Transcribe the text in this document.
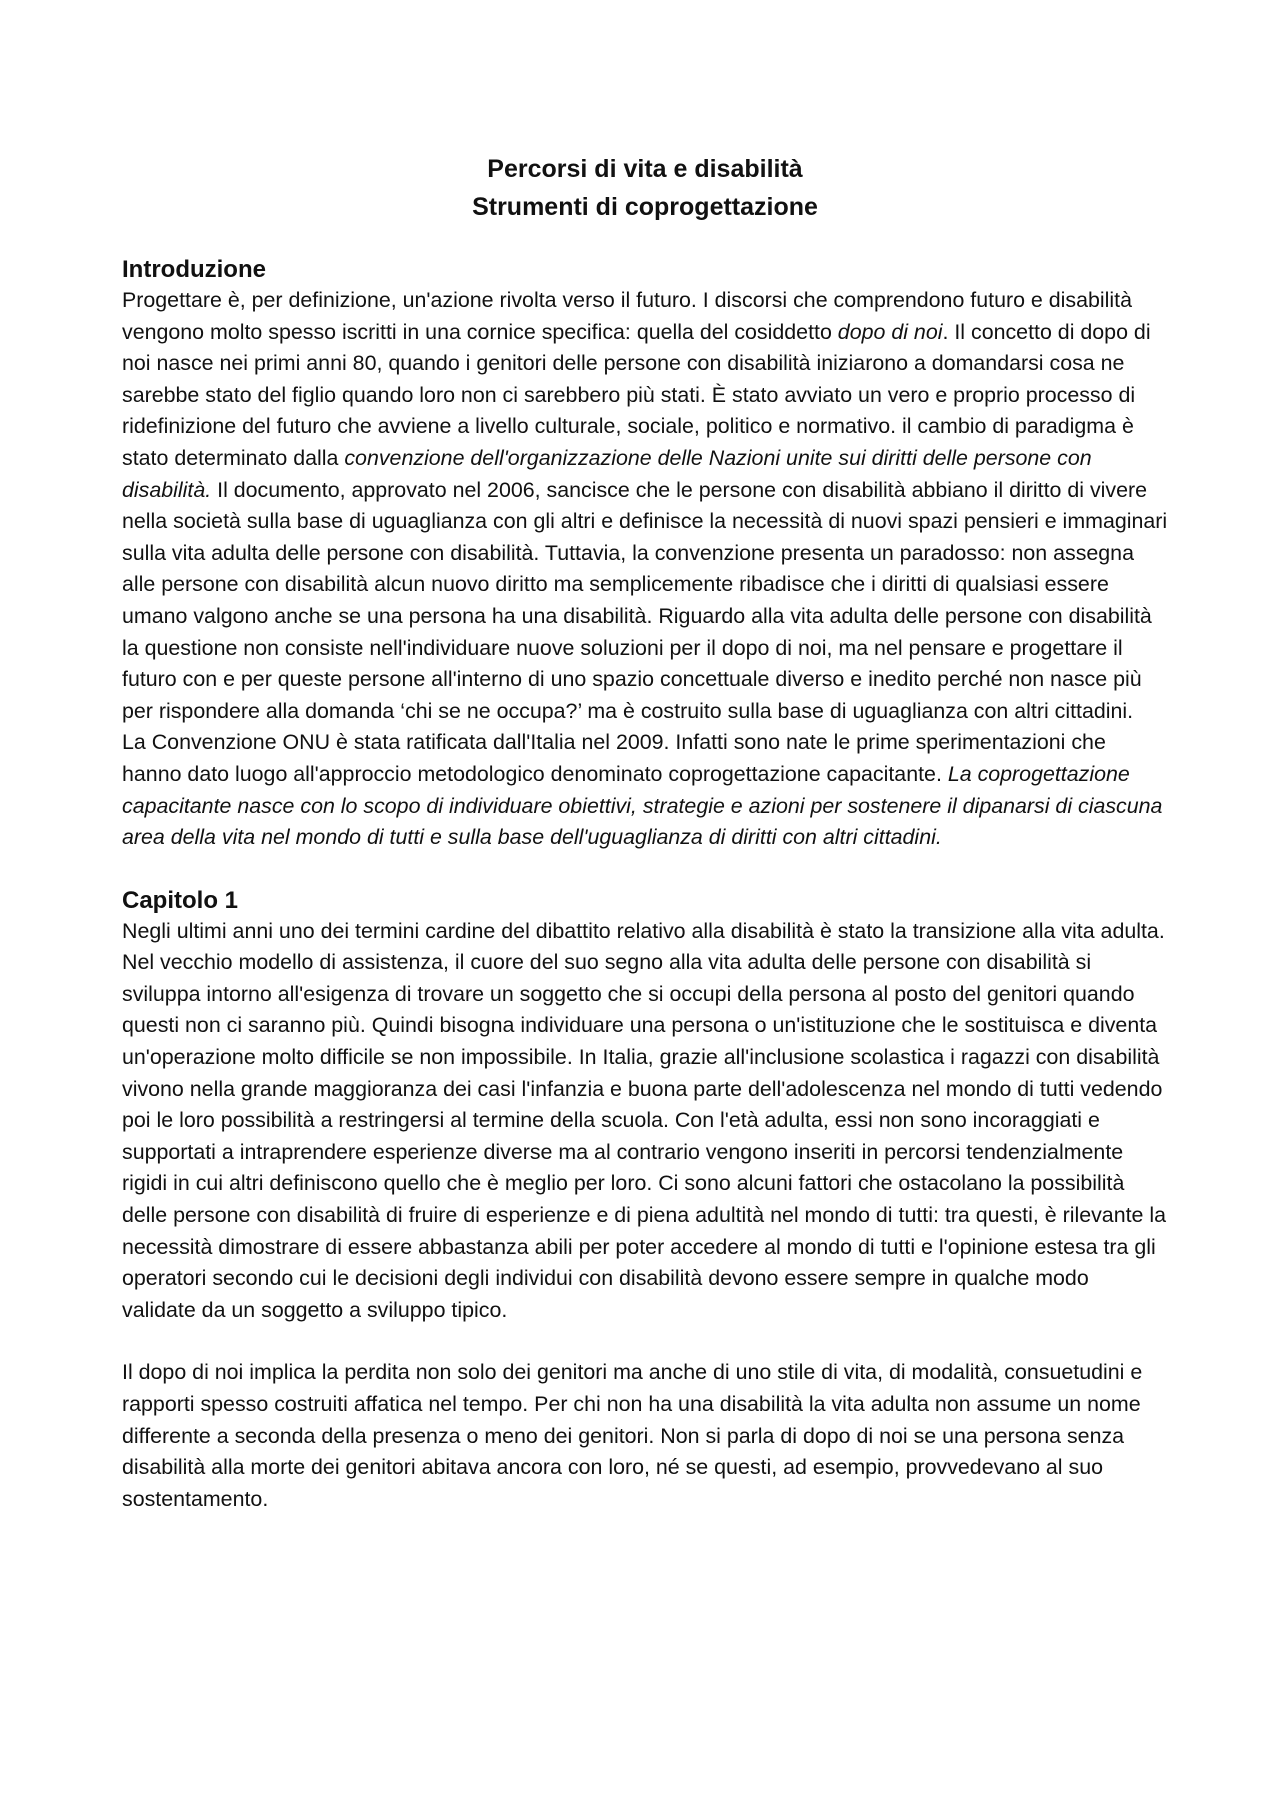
Percorsi di vita e disabilità

Strumenti di coprogettazione

Introduzione

Progettare è, per definizione, un'azione rivolta verso il futuro. I discorsi che comprendono futuro e disabilità vengono molto spesso iscritti in una cornice specifica: quella del cosiddetto dopo di noi. Il concetto di dopo di noi nasce nei primi anni 80, quando i genitori delle persone con disabilità iniziarono a domandarsi cosa ne sarebbe stato del figlio quando loro non ci sarebbero più stati. È stato avviato un vero e proprio processo di ridefinizione del futuro che avviene a livello culturale, sociale, politico e normativo. il cambio di paradigma è stato determinato dalla convenzione dell'organizzazione delle Nazioni unite sui diritti delle persone con disabilità. Il documento, approvato nel 2006, sancisce che le persone con disabilità abbiano il diritto di vivere nella società sulla base di uguaglianza con gli altri e definisce la necessità di nuovi spazi pensieri e immaginari sulla vita adulta delle persone con disabilità. Tuttavia, la convenzione presenta un paradosso: non assegna alle persone con disabilità alcun nuovo diritto ma semplicemente ribadisce che i diritti di qualsiasi essere umano valgono anche se una persona ha una disabilità. Riguardo alla vita adulta delle persone con disabilità la questione non consiste nell'individuare nuove soluzioni per il dopo di noi, ma nel pensare e progettare il futuro con e per queste persone all'interno di uno spazio concettuale diverso e inedito perché non nasce più per rispondere alla domanda ‘chi se ne occupa?’ ma è costruito sulla base di uguaglianza con altri cittadini.

La Convenzione ONU è stata ratificata dall'Italia nel 2009. Infatti sono nate le prime sperimentazioni che hanno dato luogo all'approccio metodologico denominato coprogettazione capacitante. La coprogettazione capacitante nasce con lo scopo di individuare obiettivi, strategie e azioni per sostenere il dipanarsi di ciascuna area della vita nel mondo di tutti e sulla base dell'uguaglianza di diritti con altri cittadini.

Capitolo 1

Negli ultimi anni uno dei termini cardine del dibattito relativo alla disabilità è stato la transizione alla vita adulta. Nel vecchio modello di assistenza, il cuore del suo segno alla vita adulta delle persone con disabilità si sviluppa intorno all'esigenza di trovare un soggetto che si occupi della persona al posto del genitori quando questi non ci saranno più. Quindi bisogna individuare una persona o un'istituzione che le sostituisca e diventa un'operazione molto difficile se non impossibile. In Italia, grazie all'inclusione scolastica i ragazzi con disabilità vivono nella grande maggioranza dei casi l'infanzia e buona parte dell'adolescenza nel mondo di tutti vedendo poi le loro possibilità a restringersi al termine della scuola. Con l'età adulta, essi non sono incoraggiati e supportati a intraprendere esperienze diverse ma al contrario vengono inseriti in percorsi tendenzialmente rigidi in cui altri definiscono quello che è meglio per loro. Ci sono alcuni fattori che ostacolano la possibilità delle persone con disabilità di fruire di esperienze e di piena adultità nel mondo di tutti: tra questi, è rilevante la necessità dimostrare di essere abbastanza abili per poter accedere al mondo di tutti e l'opinione estesa tra gli operatori secondo cui le decisioni degli individui con disabilità devono essere sempre in qualche modo validate da un soggetto a sviluppo tipico.

Il dopo di noi implica la perdita non solo dei genitori ma anche di uno stile di vita, di modalità, consuetudini e rapporti spesso costruiti affatica nel tempo. Per chi non ha una disabilità la vita adulta non assume un nome differente a seconda della presenza o meno dei genitori. Non si parla di dopo di noi se una persona senza disabilità alla morte dei genitori abitava ancora con loro, né se questi, ad esempio, provvedevano al suo sostentamento.
